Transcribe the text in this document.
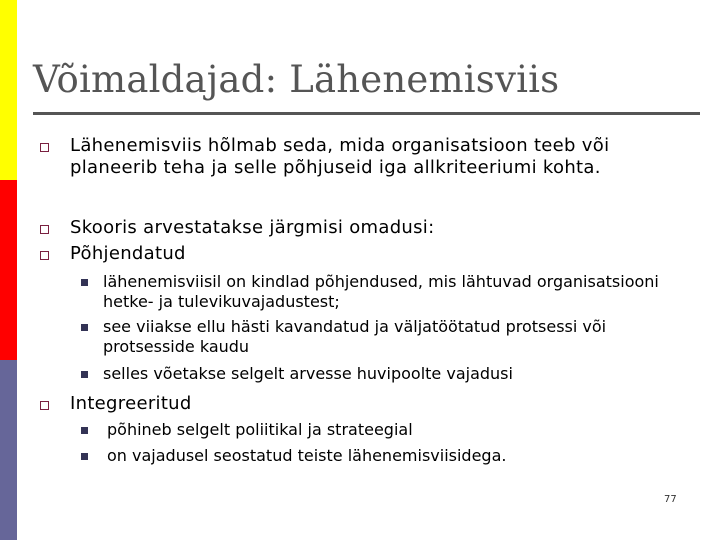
Võimaldajad: Lähenemisviis
Lähenemisviis hõlmab seda, mida organisatsioon teeb või planeerib teha ja selle põhjuseid iga allkriteeriumi kohta.
Skooris arvestatakse järgmisi omadusi:
Põhjendatud
lähenemisviisil on kindlad põhjendused, mis lähtuvad organisatsiooni hetke- ja tulevikuvajadustest;
see viiakse ellu hästi kavandatud ja väljatöötatud protsessi või protsesside kaudu
selles võetakse selgelt arvesse huvipoolte vajadusi
Integreeritud
põhineb selgelt poliitikal ja strateegial
on vajadusel seostatud teiste lähenemisviisidega.
77
